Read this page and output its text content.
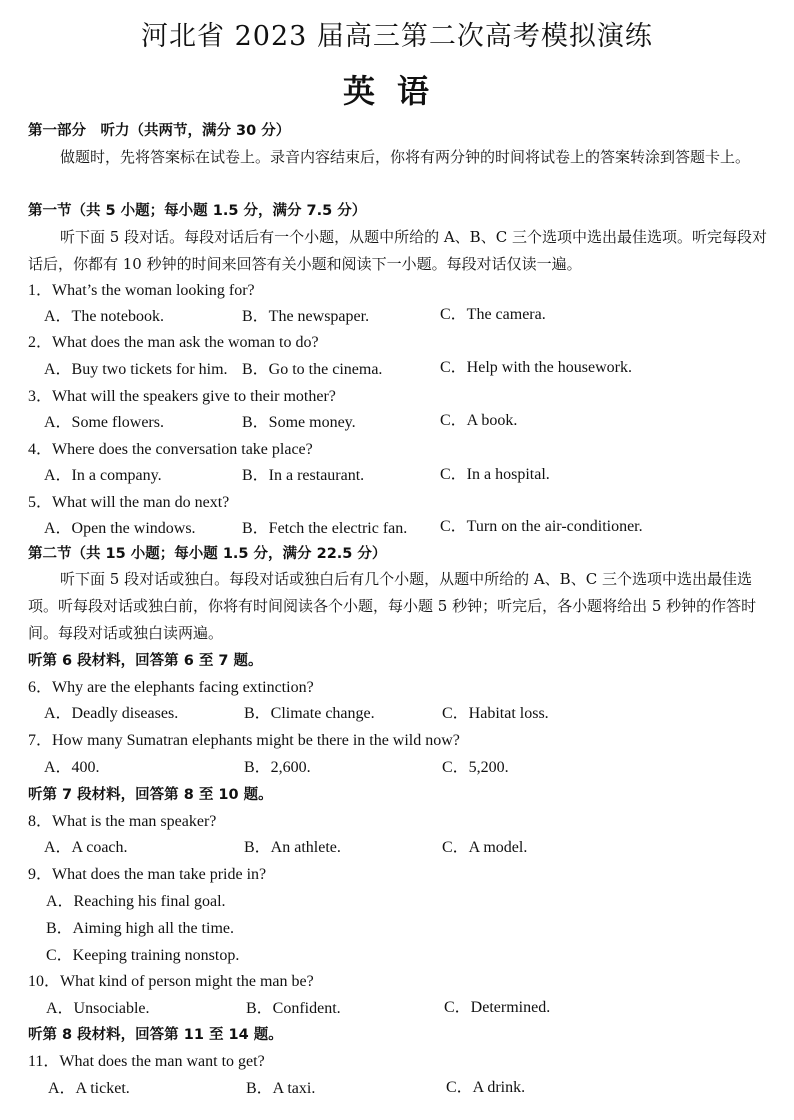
河北省 2023 届高三第二次高考模拟演练
英语
第一部分　听力（共两节，满分 30 分）
做题时，先将答案标在试卷上。录音内容结束后，你将有两分钟的时间将试卷上的答案转涂到答题卡上。
第一节（共 5 小题；每小题 1.5 分，满分 7.5 分）
听下面 5 段对话。每段对话后有一个小题，从题中所给的 A、B、C 三个选项中选出最佳选项。听完每段对话后，你都有 10 秒钟的时间来回答有关小题和阅读下一小题。每段对话仅读一遍。
1．What’s the woman looking for?
A．The notebook.	B．The newspaper.	C．The camera.
2．What does the man ask the woman to do?
A．Buy two tickets for him. B．Go to the cinema.	C．Help with the housework.
3．What will the speakers give to their mother?
A．Some flowers.	B．Some money.	C．A book.
4．Where does the conversation take place?
A．In a company.	B．In a restaurant.	C．In a hospital.
5．What will the man do next?
A．Open the windows.	B．Fetch the electric fan. C．Turn on the air-conditioner.
第二节（共 15 小题；每小题 1.5 分，满分 22.5 分）
听下面 5 段对话或独白。每段对话或独白后有几个小题，从题中所给的 A、B、C 三个选项中选出最佳选项。听每段对话或独白前，你将有时间阅读各个小题，每小题 5 秒钟；听完后，各小题将给出 5 秒钟的作答时间。每段对话或独白读两遍。
听第 6 段材料，回答第 6 至 7 题。
6．Why are the elephants facing extinction?
A．Deadly diseases.	B．Climate change.	C．Habitat loss.
7．How many Sumatran elephants might be there in the wild now?
A．400.	B．2,600.	C．5,200.
听第 7 段材料，回答第 8 至 10 题。
8．What is the man speaker?
A．A coach.	B．An athlete.	C．A model.
9．What does the man take pride in?
A．Reaching his final goal.
B．Aiming high all the time.
C．Keeping training nonstop.
10．What kind of person might the man be?
A．Unsociable.	B．Confident.	C．Determined.
听第 8 段材料，回答第 11 至 14 题。
11．What does the man want to get?
A．A ticket.	B．A taxi.	C．A drink.
